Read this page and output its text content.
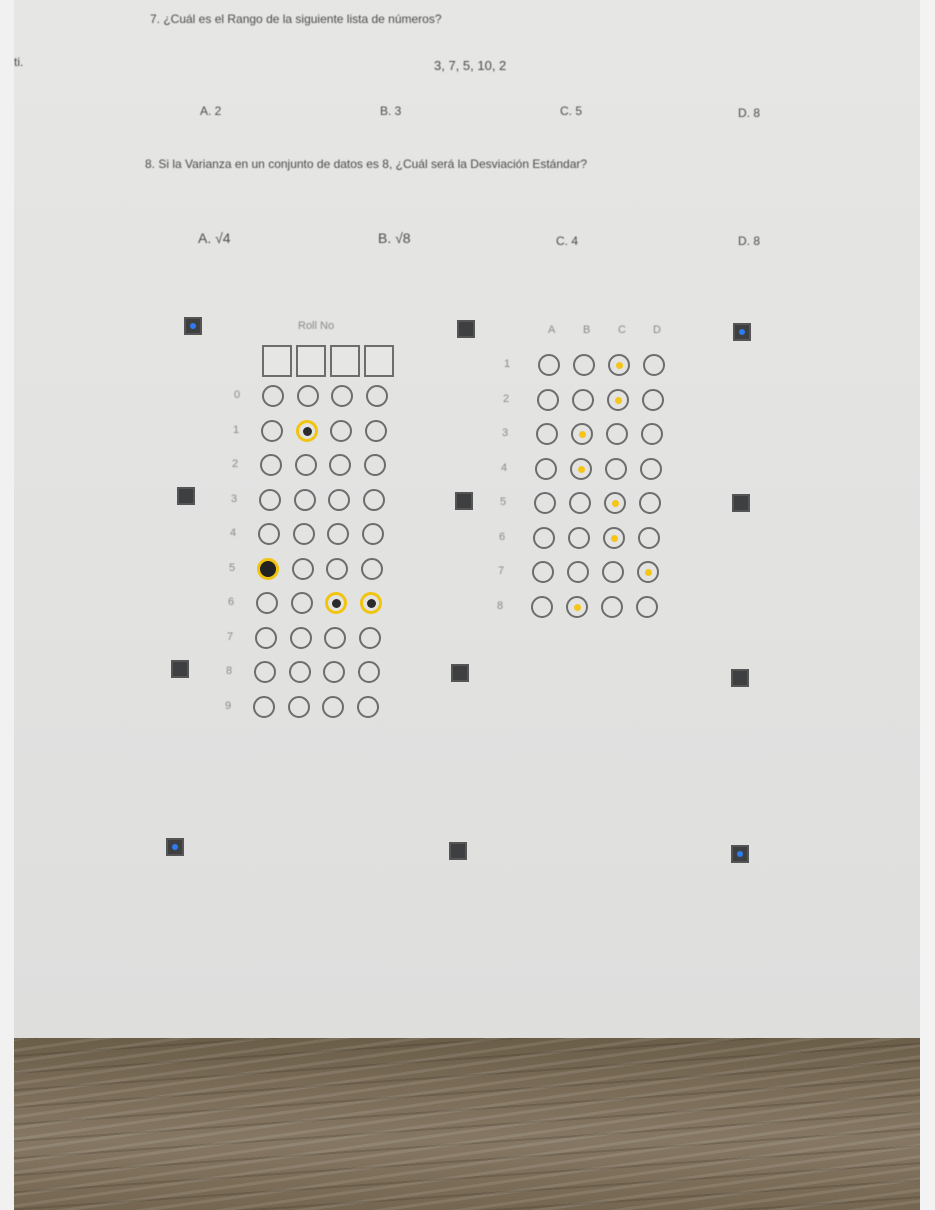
7. ¿Cuál es el Rango de la siguiente lista de números?
ti.	3, 7, 5, 10, 2
A. 2	B. 3	C. 5	D. 8
8. Si la Varianza en un conjunto de datos es 8, ¿Cuál será la Desviación Estándar?
A. √4	B. √8	C. 4	D. 8
Roll No
0
1
2
3
4
5
6
7
8
9
A	B	C D
1
2
3
4
5
6
7
8
